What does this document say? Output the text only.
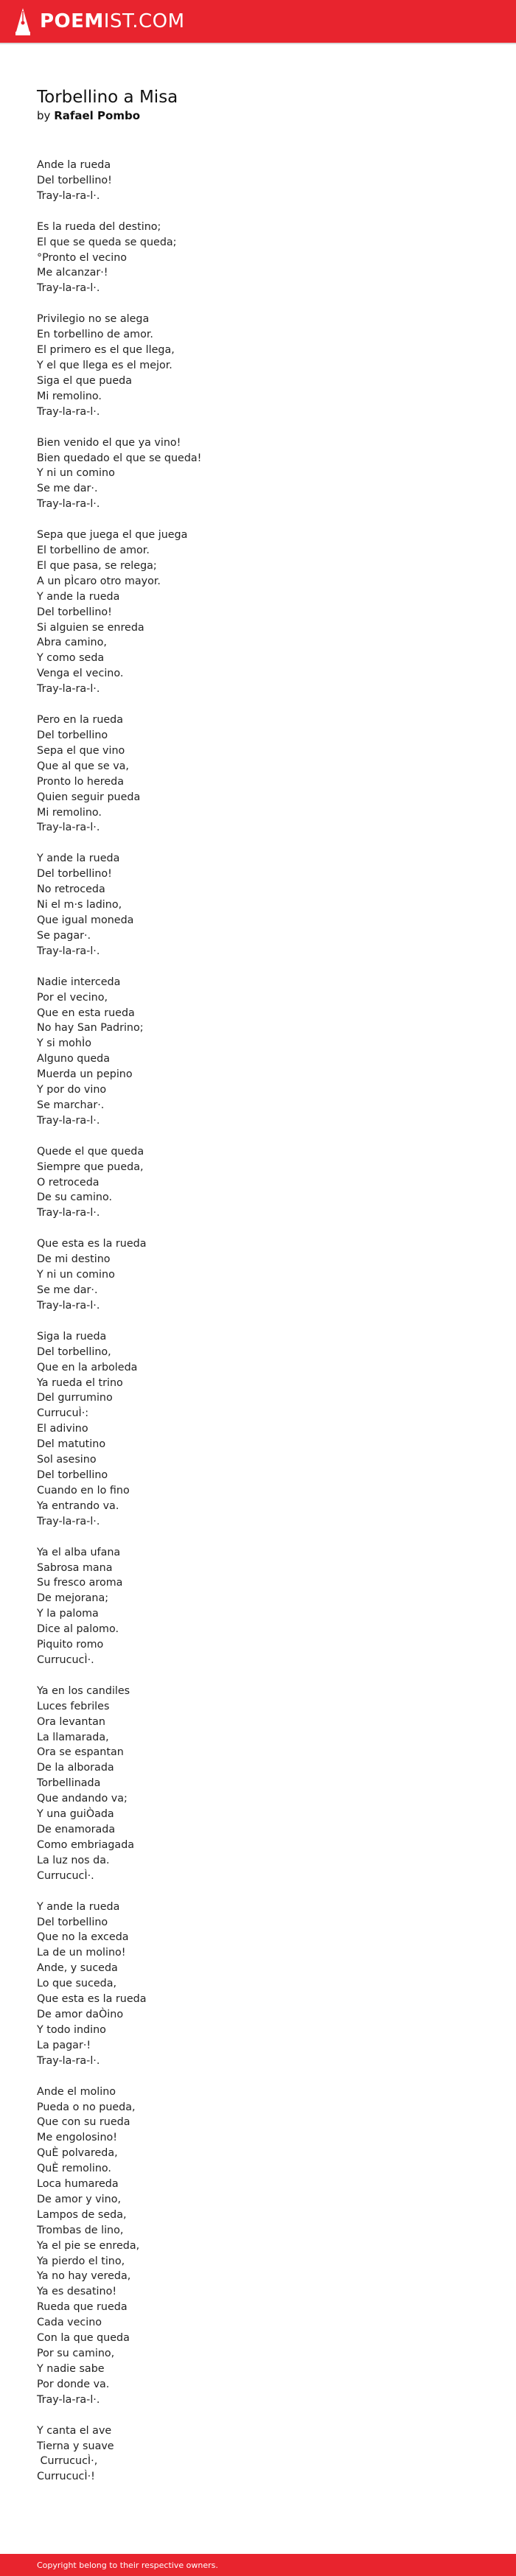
POEMIST.COM
Torbellino a Misa

by Rafael Pombo

Ande la rueda
Del torbellino!
Tray-la-ra-l·.

Es la rueda del destino;
El que se queda se queda;
°Pronto el vecino
Me alcanzar·!
Tray-la-ra-l·.

Privilegio no se alega
En torbellino de amor.
El primero es el que llega,
Y el que llega es el mejor.
Siga el que pueda
Mi remolino.
Tray-la-ra-l·.

Bien venido el que ya vino!
Bien quedado el que se queda!
Y ni un comino
Se me dar·.
Tray-la-ra-l·.

Sepa que juega el que juega
El torbellino de amor.
El que pasa, se relega;
A un pÌcaro otro mayor.
Y ande la rueda
Del torbellino!
Si alguien se enreda
Abra camino,
Y como seda
Venga el vecino.
Tray-la-ra-l·.

Pero en la rueda
Del torbellino
Sepa el que vino
Que al que se va,
Pronto lo hereda
Quien seguir pueda
Mi remolino.
Tray-la-ra-l·.

Y ande la rueda
Del torbellino!
No retroceda
Ni el m·s ladino,
Que igual moneda
Se pagar·.
Tray-la-ra-l·.

Nadie interceda
Por el vecino,
Que en esta rueda
No hay San Padrino;
Y si mohÌo
Alguno queda
Muerda un pepino
Y por do vino
Se marchar·.
Tray-la-ra-l·.

Quede el que queda
Siempre que pueda,
O retroceda
De su camino.
Tray-la-ra-l·.

Que esta es la rueda
De mi destino
Y ni un comino
Se me dar·.
Tray-la-ra-l·.

Siga la rueda
Del torbellino,
Que en la arboleda
Ya rueda el trino
Del gurrumino
CurrucuÌ·:
El adivino
Del matutino
Sol asesino
Del torbellino
Cuando en lo fino
Ya entrando va.
Tray-la-ra-l·.

Ya el alba ufana
Sabrosa mana
Su fresco aroma
De mejorana;
Y la paloma
Dice al palomo.
Piquito romo
CurrucucÌ·.

Ya en los candiles
Luces febriles
Ora levantan
La llamarada,
Ora se espantan
De la alborada
Torbellinada
Que andando va;
Y una guiÒada
De enamorada
Como embriagada
La luz nos da.
CurrucucÌ·.

Y ande la rueda
Del torbellino
Que no la exceda
La de un molino!
Ande, y suceda
Lo que suceda,
Que esta es la rueda
De amor daÒino
Y todo indino
La pagar·!
Tray-la-ra-l·.

Ande el molino
Pueda o no pueda,
Que con su rueda
Me engolosino!
QuÈ polvareda,
QuÈ remolino.
Loca humareda
De amor y vino,
Lampos de seda,
Trombas de lino,
Ya el pie se enreda,
Ya pierdo el tino,
Ya no hay vereda,
Ya es desatino!
Rueda que rueda
Cada vecino
Con la que queda
Por su camino,
Y nadie sabe
Por donde va.
Tray-la-ra-l·.

Y canta el ave
Tierna y suave
CurrucucÌ·,
CurrucucÌ·!

Copyright belong to their respective owners.
